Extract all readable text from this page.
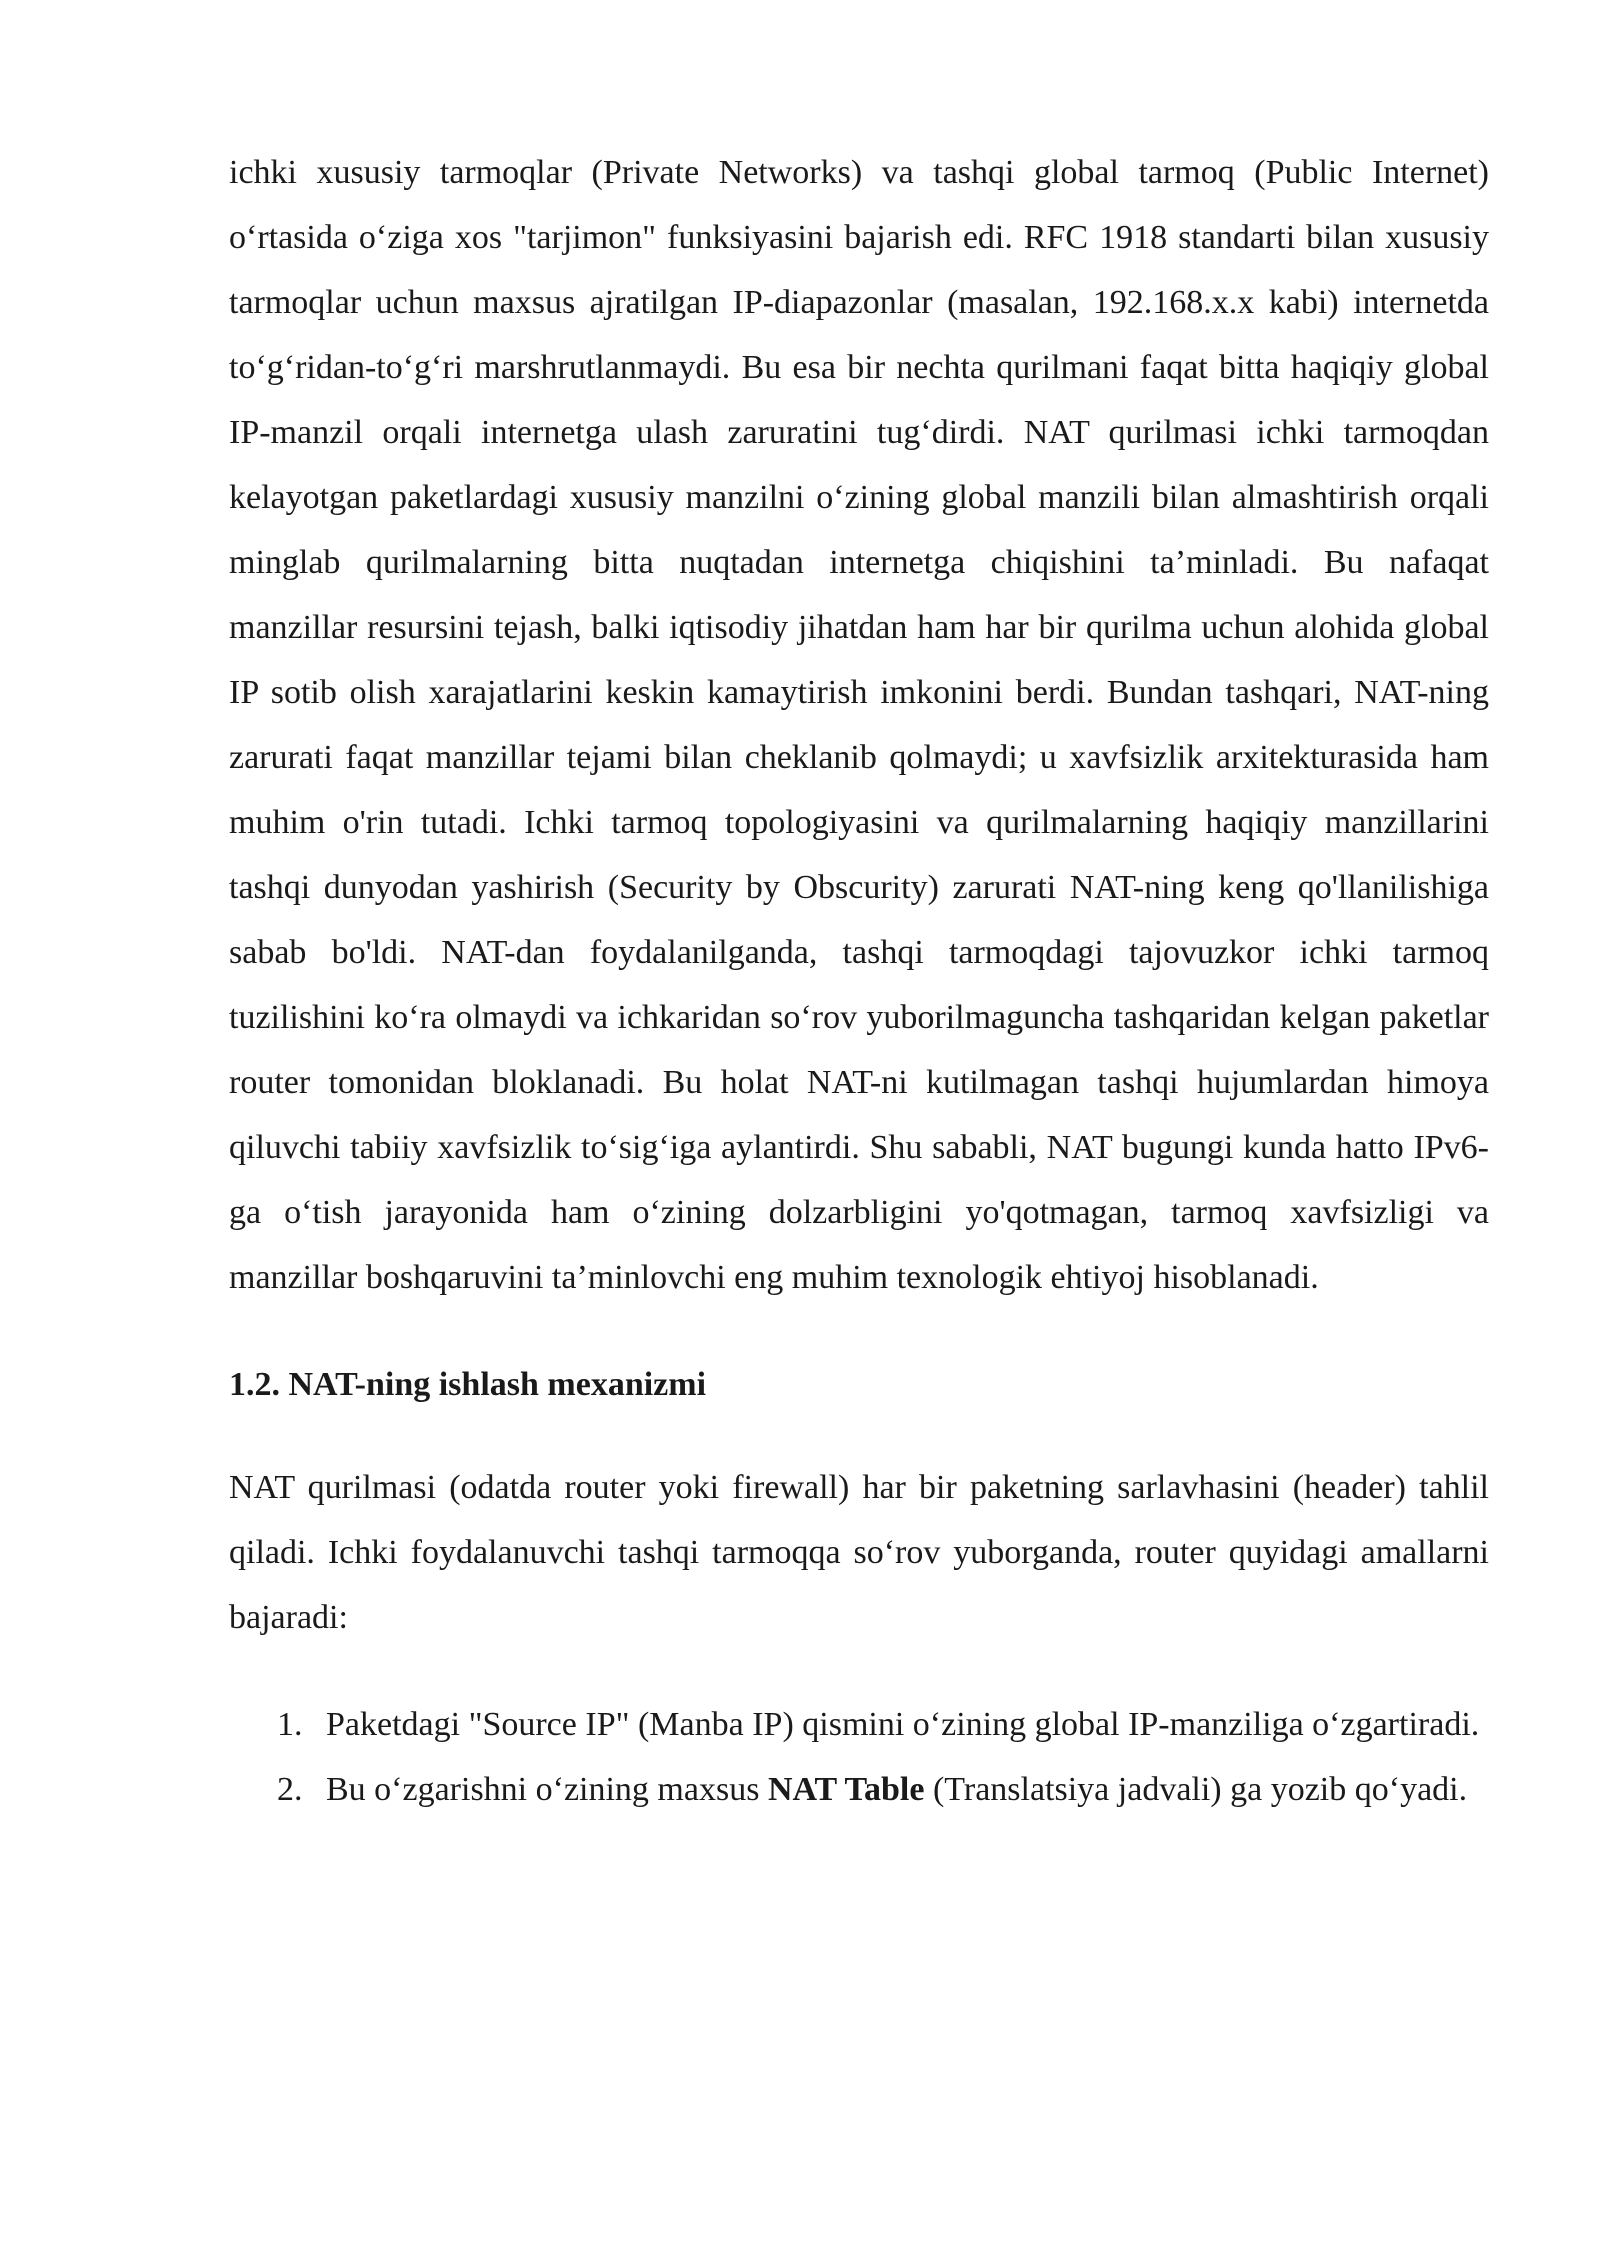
ichki xususiy tarmoqlar (Private Networks) va tashqi global tarmoq (Public Internet) o‘rtasida o‘ziga xos "tarjimon" funksiyasini bajarish edi. RFC 1918 standarti bilan xususiy tarmoqlar uchun maxsus ajratilgan IP-diapazonlar (masalan, 192.168.x.x kabi) internetda to‘g‘ridan-to‘g‘ri marshrutlanmaydi. Bu esa bir nechta qurilmani faqat bitta haqiqiy global IP-manzil orqali internetga ulash zaruratini tug‘dirdi. NAT qurilmasi ichki tarmoqdan kelayotgan paketlardagi xususiy manzilni o‘zining global manzili bilan almashtirish orqali minglab qurilmalarning bitta nuqtadan internetga chiqishini ta’minladi. Bu nafaqat manzillar resursini tejash, balki iqtisodiy jihatdan ham har bir qurilma uchun alohida global IP sotib olish xarajatlarini keskin kamaytirish imkonini berdi. Bundan tashqari, NAT-ning zarurati faqat manzillar tejami bilan cheklanib qolmaydi; u xavfsizlik arxitekturasida ham muhim o'rin tutadi. Ichki tarmoq topologiyasini va qurilmalarning haqiqiy manzillarini tashqi dunyodan yashirish (Security by Obscurity) zarurati NAT-ning keng qo'llanilishiga sabab bo'ldi. NAT-dan foydalanilganda, tashqi tarmoqdagi tajovuzkor ichki tarmoq tuzilishini ko‘ra olmaydi va ichkaridan so‘rov yuborilmaguncha tashqaridan kelgan paketlar router tomonidan bloklanadi. Bu holat NAT-ni kutilmagan tashqi hujumlardan himoya qiluvchi tabiiy xavfsizlik to‘sig‘iga aylantirdi. Shu sababli, NAT bugungi kunda hatto IPv6-ga o‘tish jarayonida ham o‘zining dolzarbligini yo'qotmagan, tarmoq xavfsizligi va manzillar boshqaruvini ta’minlovchi eng muhim texnologik ehtiyoj hisoblanadi.

1.2. NAT-ning ishlash mexanizmi

NAT qurilmasi (odatda router yoki firewall) har bir paketning sarlavhasini (header) tahlil qiladi. Ichki foydalanuvchi tashqi tarmoqqa so‘rov yuborganda, router quyidagi amallarni bajaradi:

1. Paketdagi "Source IP" (Manba IP) qismini o‘zining global IP-manziliga o‘zgartiradi.
2. Bu o‘zgarishni o‘zining maxsus NAT Table (Translatsiya jadvali) ga yozib qo‘yadi.
